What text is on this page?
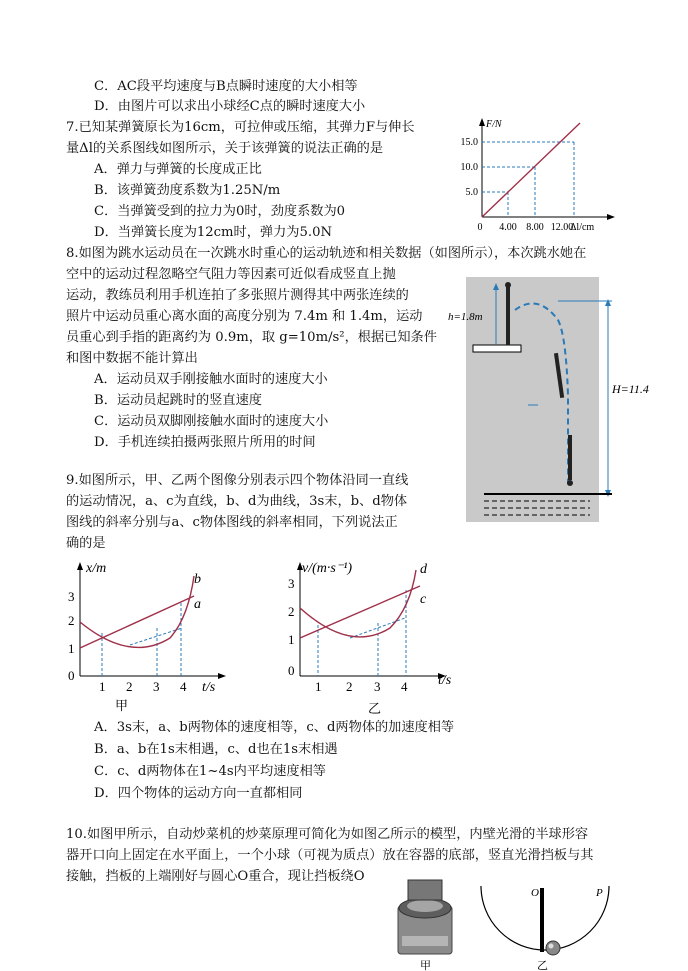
C．AC段平均速度与B点瞬时速度的大小相等
D．由图片可以求出小球经C点的瞬时速度大小
7.已知某弹簧原长为16cm，可拉伸或压缩，其弹力F与伸长
量Δl的关系图线如图所示，关于该弹簧的说法正确的是
A．弹力与弹簧的长度成正比
B．该弹簧劲度系数为1.25N/m
C．当弹簧受到的拉力为0时，劲度系数为0
D．当弹簧长度为12cm时，弹力为5.0N
F/N
Δl/cm
15.0
10.0
5.0
0 4.00 8.00 12.00
8.如图为跳水运动员在一次跳水时重心的运动轨迹和相关数据（如图所示），本次跳水她在
空中的运动过程忽略空气阻力等因素可近似看成竖直上抛
运动，教练员利用手机连拍了多张照片测得其中两张连续的
照片中运动员重心离水面的高度分别为 7.4m 和 1.4m，运动
员重心到手指的距离约为 0.9m，取 g=10m/s²，根据已知条件
和图中数据不能计算出
A．运动员双手刚接触水面时的速度大小
B．运动员起跳时的竖直速度
C．运动员双脚刚接触水面时的速度大小
D．手机连续拍摄两张照片所用的时间
h=1.8m
H=11.4
9.如图所示，甲、乙两个图像分别表示四个物体沿同一直线
的运动情况，a、c为直线，b、d为曲线，3s末，b、d物体
图线的斜率分别与a、c物体图线的斜率相同，下列说法正
确的是
x/m
t/s
3
2
1
0
1 2 3 4
b
a
甲
v/(m·s⁻¹)
t/s
3
2
1
0
1 2 3 4
d
c
乙
A．3s末，a、b两物体的速度相等，c、d两物体的加速度相等
B．a、b在1s末相遇，c、d也在1s末相遇
C．c、d两物体在1~4s内平均速度相等
D．四个物体的运动方向一直都相同
10.如图甲所示，自动炒菜机的炒菜原理可简化为如图乙所示的模型，内壁光滑的半球形容
器开口向上固定在水平面上，一个小球（可视为质点）放在容器的底部，竖直光滑挡板与其
接触，挡板的上端刚好与圆心O重合，现让挡板绕O
甲
O	P
乙
